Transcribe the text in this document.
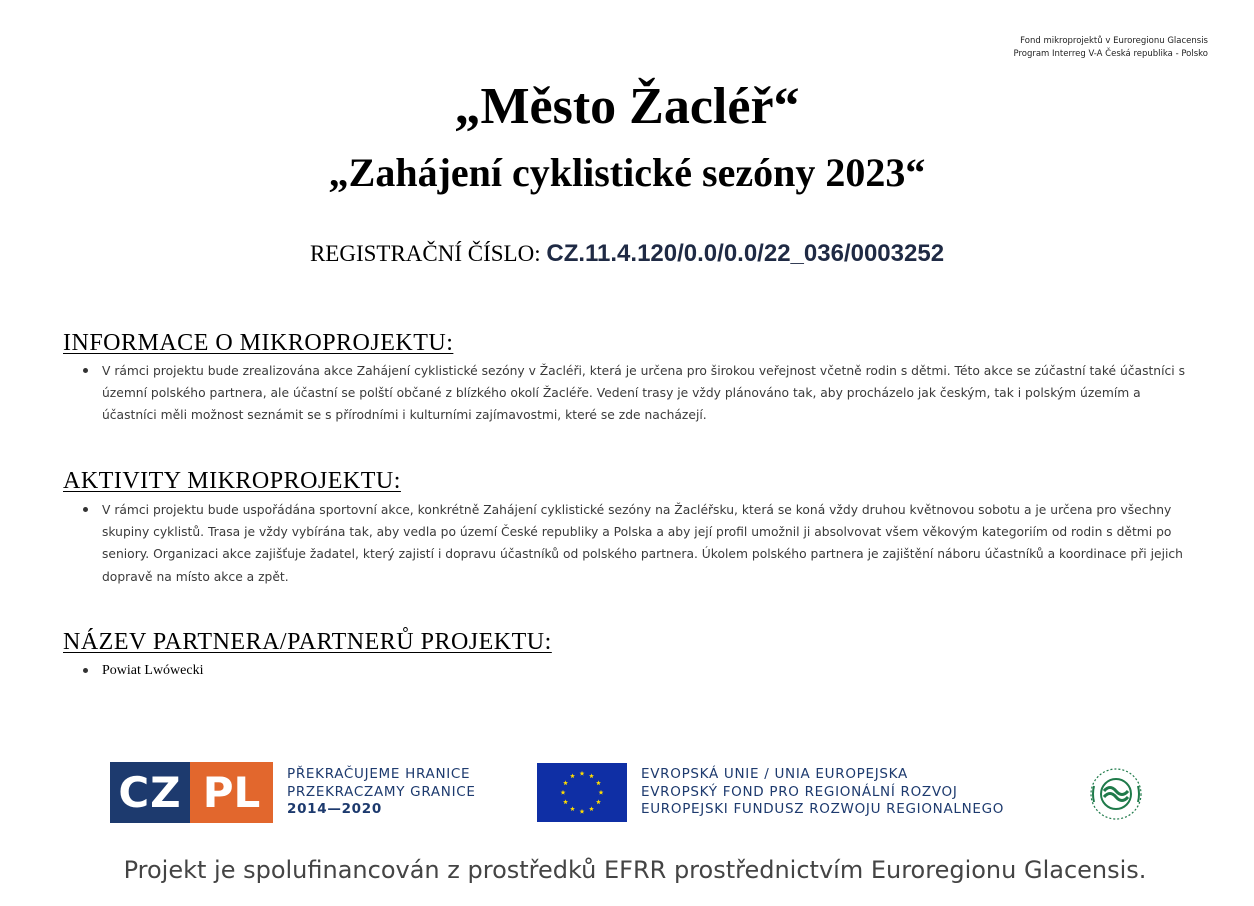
Fond mikroprojektů v Euroregionu Glacensis
Program Interreg V-A Česká republika - Polsko
„Město Žacléř“
„Zahájení cyklistické sezóny 2023“
REGISTRAČNÍ ČÍSLO: CZ.11.4.120/0.0/0.0/22_036/0003252
INFORMACE O MIKROPROJEKTU:
V rámci projektu bude zrealizována akce Zahájení cyklistické sezóny v Žacléři, která je určena pro širokou veřejnost včetně rodin s dětmi. Této akce se zúčastní také účastníci s územní polského partnera, ale účastní se polští občané z blízkého okolí Žacléře. Vedení trasy je vždy plánováno tak, aby procházelo jak českým, tak i polským územím a účastníci měli možnost seznámit se s přírodními i kulturními zajímavostmi, které se zde nacházejí.
AKTIVITY MIKROPROJEKTU:
V rámci projektu bude uspořádána sportovní akce, konkrétně Zahájení cyklistické sezóny na Žacléřsku, která se koná vždy druhou květnovou sobotu a je určena pro všechny skupiny cyklistů. Trasa je vždy vybírána tak, aby vedla po území České republiky a Polska a aby její profil umožnil ji absolvovat všem věkovým kategoriím od rodin s dětmi po seniory. Organizaci akce zajišťuje žadatel, který zajistí i dopravu účastníků od polského partnera. Úkolem polského partnera je zajištění náboru účastníků a koordinace při jejich dopravě na místo akce a zpět.
NÁZEV PARTNERA/PARTNERŮ PROJEKTU:
Powiat Lwówecki
CZ PL	PŘEKRAČUJEME HRANICE
PRZEKRACZAMY GRANICE
2014—2020
EVROPSKÁ UNIE / UNIA EUROPEJSKA
EVROPSKÝ FOND PRO REGIONÁLNÍ ROZVOJ
EUROPEJSKI FUNDUSZ ROZWOJU REGIONALNEGO
Projekt je spolufinancován z prostředků EFRR prostřednictvím Euroregionu Glacensis.
